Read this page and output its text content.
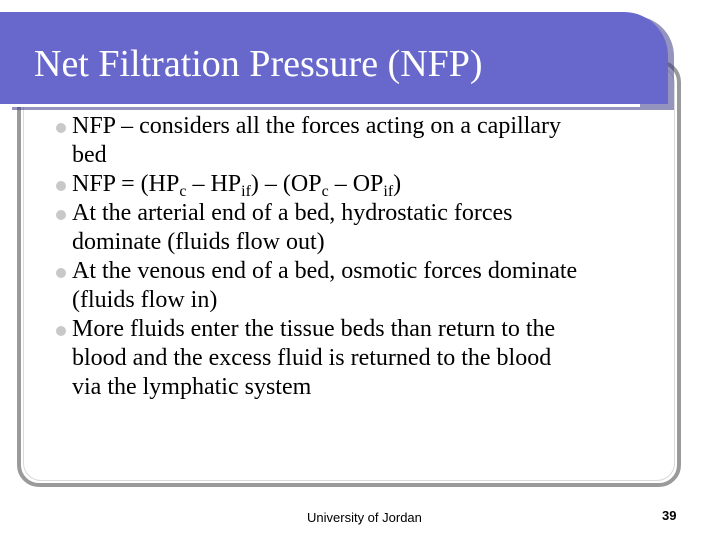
Net Filtration Pressure (NFP)
NFP – considers all the forces acting on a capillary
bed
NFP = $(HP_c - HP_{if}) - (OP_c - OP_{if})$
At the arterial end of a bed, hydrostatic forces
dominate (fluids flow out)
At the venous end of a bed, osmotic forces dominate
(fluids flow in)
More fluids enter the tissue beds than return to the
blood and the excess fluid is returned to the blood
via the lymphatic system
University of Jordan	39
